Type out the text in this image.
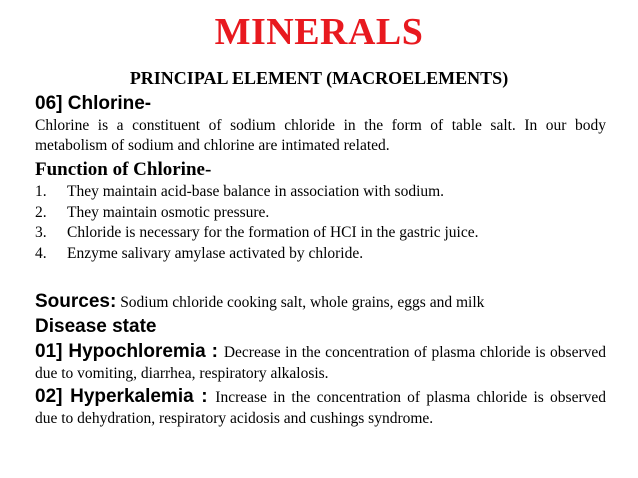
MINERALS
PRINCIPAL ELEMENT (MACROELEMENTS)

06] Chlorine-

Chlorine is a constituent of sodium chloride in the form of table salt. In our body metabolism of sodium and chlorine are intimated related.

Function of Chlorine-

1.	They maintain acid-base balance in association with sodium.
2.	They maintain osmotic pressure.
3.	Chloride is necessary for the formation of HCI in the gastric juice.
4.	Enzyme salivary amylase activated by chloride.

Sources: Sodium chloride cooking salt, whole grains, eggs and milk

Disease state

01] Hypochloremia : Decrease in the concentration of plasma chloride is observed due to vomiting, diarrhea, respiratory alkalosis.

02] Hyperkalemia : Increase in the concentration of plasma chloride is observed due to dehydration, respiratory acidosis and cushings syndrome.
